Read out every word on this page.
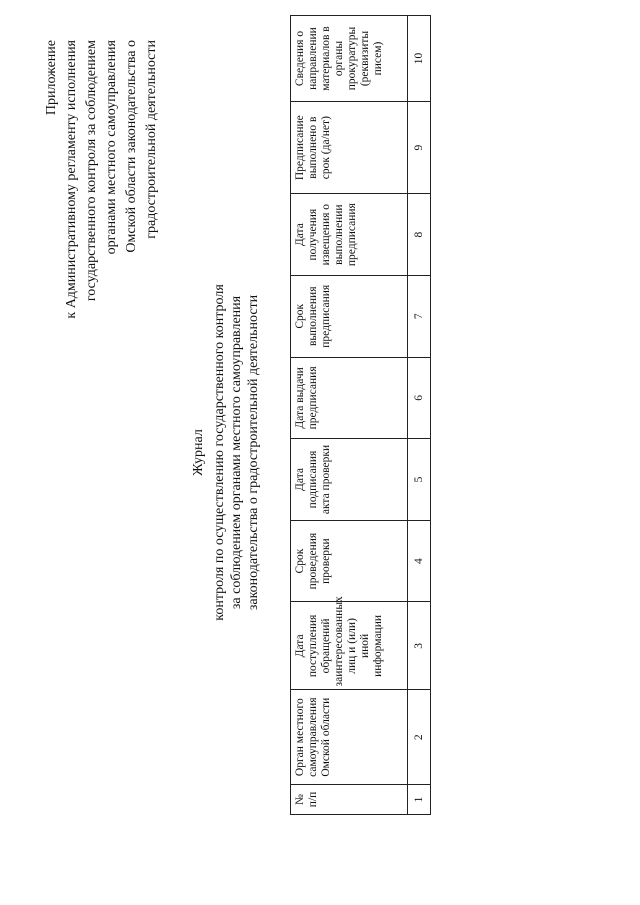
Приложение к Административному регламенту исполнения государственного контроля за соблюдением органами местного самоуправления Омской области законодательства о градостроительной деятельности
Журнал контроля по осуществлению государственного контроля за соблюдением органами местного самоуправления законодательства о градостроительной деятельности
№ п/п	Орган местного самоуправления Омской области	Дата поступления обращений заинтересованных лиц и (или) иной информации	Срок проведения проверки	Дата подписания акта проверки	Дата выдачи предписания	Срок выполнения предписания	Дата получения извещения о выполнении предписания	Предписание выполнено в срок (да/нет)	Сведения о направлении материалов в органы прокуратуры (реквизиты писем)
1	2	3	4	5	6	7	8	9	10
